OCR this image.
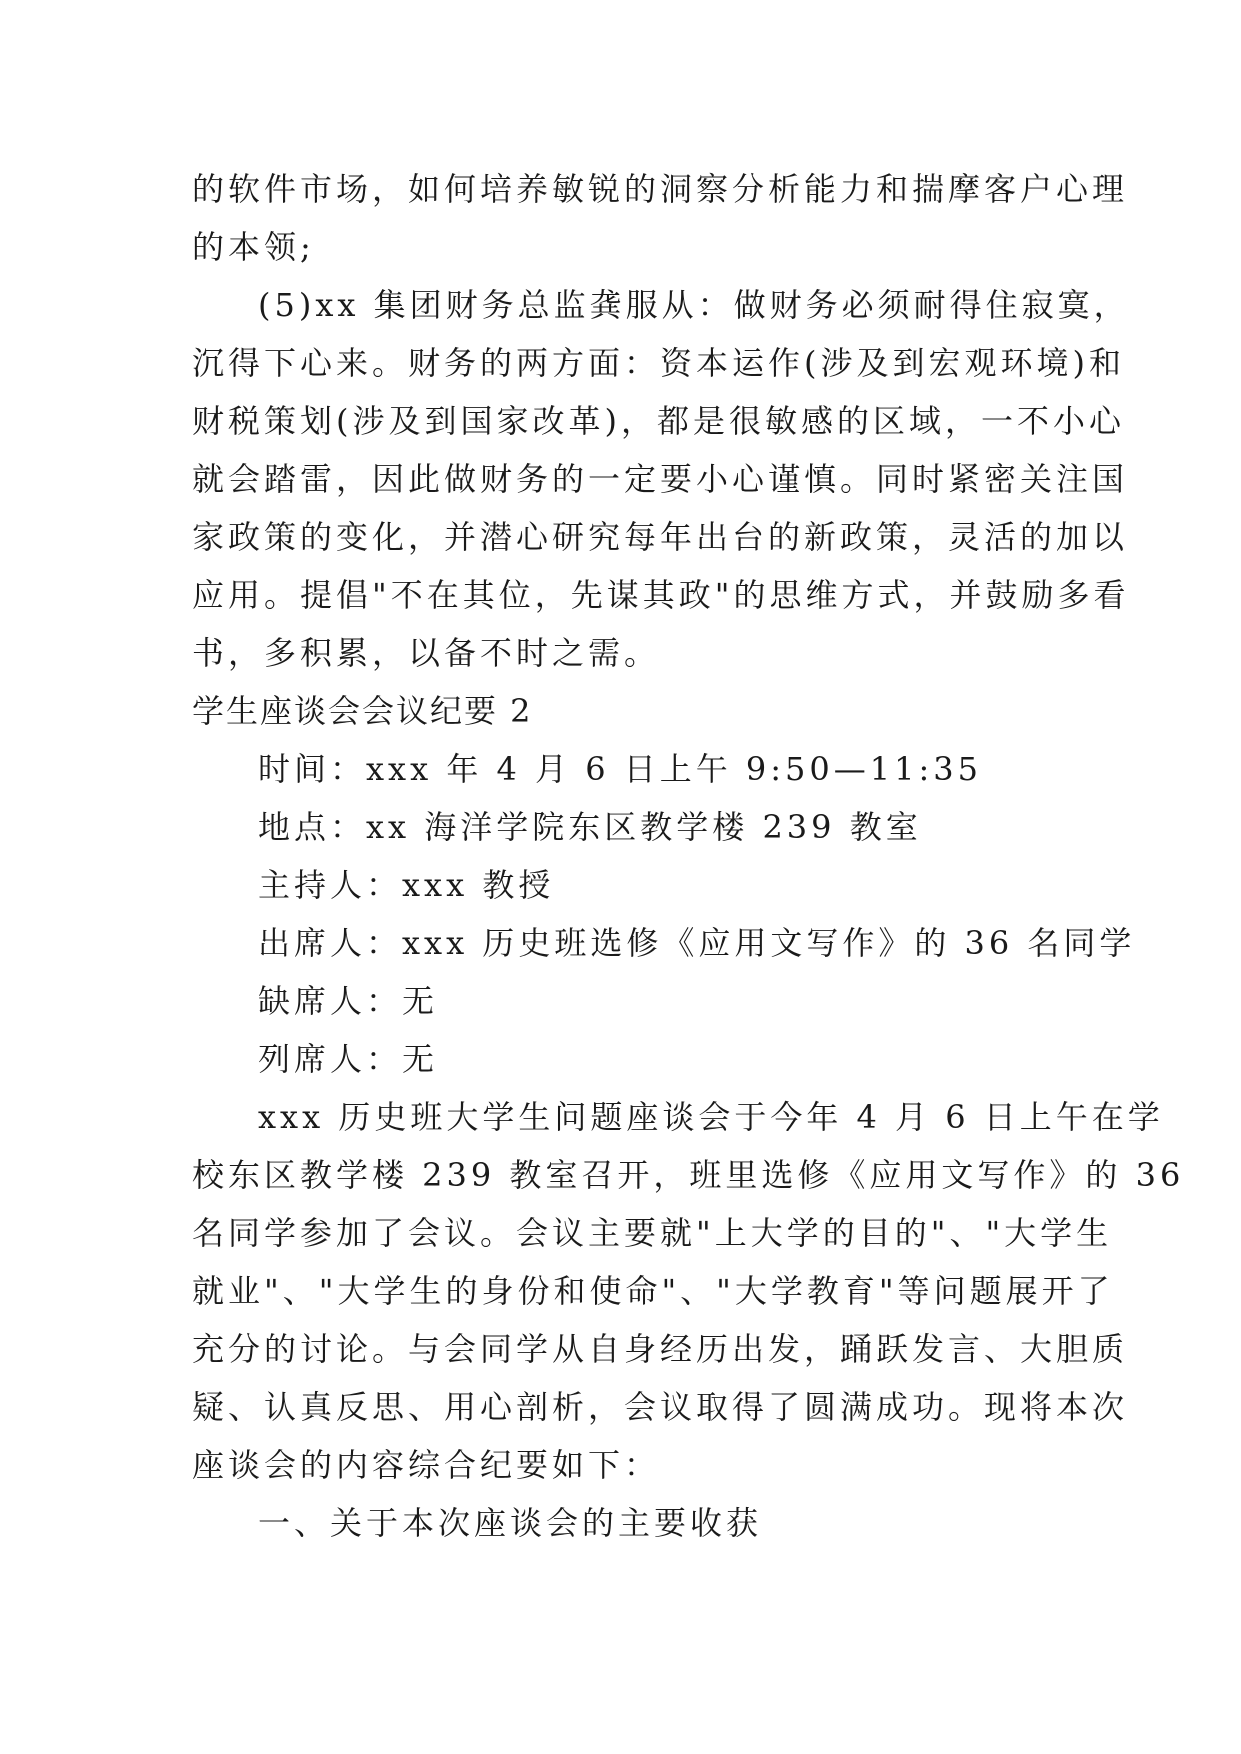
的软件市场，如何培养敏锐的洞察分析能力和揣摩客户心理
的本领;
(5)xx 集团财务总监龚服从：做财务必须耐得住寂寞，
沉得下心来。财务的两方面：资本运作(涉及到宏观环境)和
财税策划(涉及到国家改革)，都是很敏感的区域，一不小心
就会踏雷，因此做财务的一定要小心谨慎。同时紧密关注国
家政策的变化，并潜心研究每年出台的新政策，灵活的加以
应用。提倡"不在其位，先谋其政"的思维方式，并鼓励多看
书，多积累，以备不时之需。
学生座谈会会议纪要 2
时间：xxx 年 4 月 6 日上午 9:50—11:35
地点：xx 海洋学院东区教学楼 239 教室
主持人：xxx 教授
出席人：xxx 历史班选修《应用文写作》的 36 名同学
缺席人：无
列席人：无
xxx 历史班大学生问题座谈会于今年 4 月 6 日上午在学
校东区教学楼 239 教室召开，班里选修《应用文写作》的 36
名同学参加了会议。会议主要就"上大学的目的"、"大学生
就业"、"大学生的身份和使命"、"大学教育"等问题展开了
充分的讨论。与会同学从自身经历出发，踊跃发言、大胆质
疑、认真反思、用心剖析，会议取得了圆满成功。现将本次
座谈会的内容综合纪要如下：
一、关于本次座谈会的主要收获
